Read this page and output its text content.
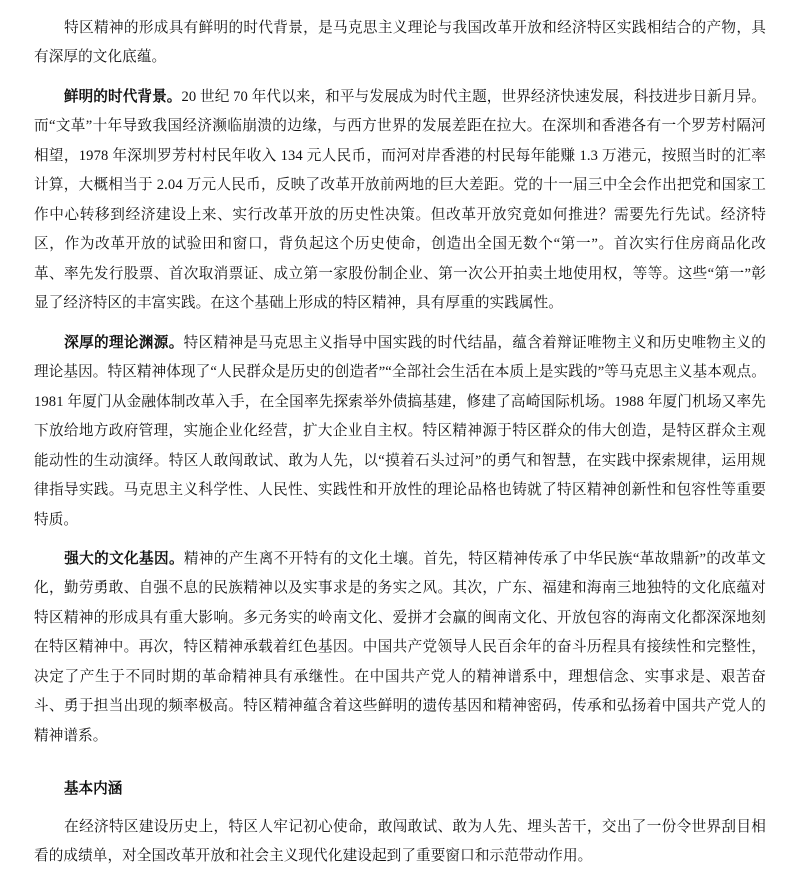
特区精神的形成具有鲜明的时代背景，是马克思主义理论与我国改革开放和经济特区实践相结合的产物，具有深厚的文化底蕴。

鲜明的时代背景。20 世纪 70 年代以来，和平与发展成为时代主题，世界经济快速发展，科技进步日新月异。而“文革”十年导致我国经济濒临崩溃的边缘，与西方世界的发展差距在拉大。在深圳和香港各有一个罗芳村隔河相望，1978 年深圳罗芳村村民年收入 134 元人民币，而河对岸香港的村民每年能赚 1.3 万港元，按照当时的汇率计算，大概相当于 2.04 万元人民币，反映了改革开放前两地的巨大差距。党的十一届三中全会作出把党和国家工作中心转移到经济建设上来、实行改革开放的历史性决策。但改革开放究竟如何推进？需要先行先试。经济特区，作为改革开放的试验田和窗口，背负起这个历史使命，创造出全国无数个“第一”。首次实行住房商品化改革、率先发行股票、首次取消票证、成立第一家股份制企业、第一次公开拍卖土地使用权，等等。这些“第一”彰显了经济特区的丰富实践。在这个基础上形成的特区精神，具有厚重的实践属性。

深厚的理论渊源。特区精神是马克思主义指导中国实践的时代结晶，蕴含着辩证唯物主义和历史唯物主义的理论基因。特区精神体现了“人民群众是历史的创造者”“全部社会生活在本质上是实践的”等马克思主义基本观点。1981 年厦门从金融体制改革入手，在全国率先探索举外债搞基建，修建了高崎国际机场。1988 年厦门机场又率先下放给地方政府管理，实施企业化经营，扩大企业自主权。特区精神源于特区群众的伟大创造，是特区群众主观能动性的生动演绎。特区人敢闯敢试、敢为人先，以“摸着石头过河”的勇气和智慧，在实践中探索规律，运用规律指导实践。马克思主义科学性、人民性、实践性和开放性的理论品格也铸就了特区精神创新性和包容性等重要特质。

强大的文化基因。精神的产生离不开特有的文化土壤。首先，特区精神传承了中华民族“革故鼎新”的改革文化，勤劳勇敢、自强不息的民族精神以及实事求是的务实之风。其次，广东、福建和海南三地独特的文化底蕴对特区精神的形成具有重大影响。多元务实的岭南文化、爱拼才会赢的闽南文化、开放包容的海南文化都深深地刻在特区精神中。再次，特区精神承载着红色基因。中国共产党领导人民百余年的奋斗历程具有接续性和完整性，决定了产生于不同时期的革命精神具有承继性。在中国共产党人的精神谱系中，理想信念、实事求是、艰苦奋斗、勇于担当出现的频率极高。特区精神蕴含着这些鲜明的遗传基因和精神密码，传承和弘扬着中国共产党人的精神谱系。

基本内涵

在经济特区建设历史上，特区人牢记初心使命，敢闯敢试、敢为人先、埋头苦干，交出了一份令世界刮目相看的成绩单，对全国改革开放和社会主义现代化建设起到了重要窗口和示范带动作用。
